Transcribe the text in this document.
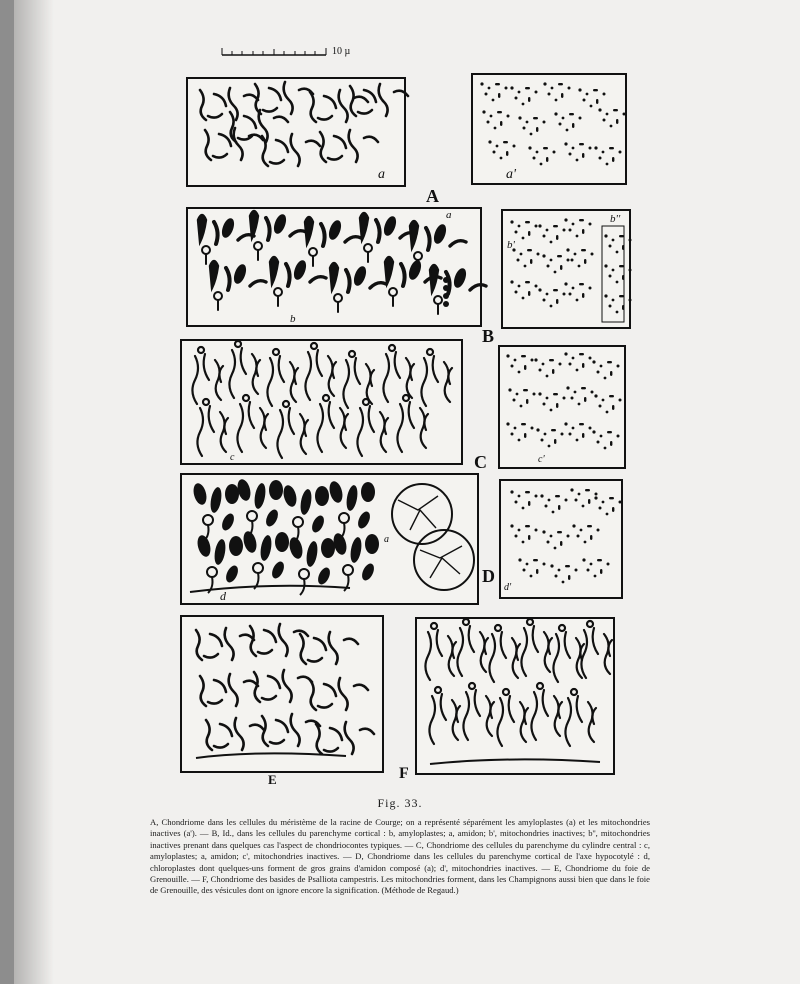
10 µ
a	a'
A
a
b
b'
b''
B
c	c'
C
a
d
d'
D
E	F
Fig. 33.

A, Chondriome dans les cellules du méristème de la racine de Courge; on a représenté séparément les amyloplastes (a) et les mitochondries inactives (a'). — B, Id., dans les cellules du parenchyme cortical : b, amyloplastes; a, amidon; b', mitochondries inactives; b'', mitochondries inactives prenant dans quelques cas l'aspect de chondriocontes typiques. — C, Chondriome des cellules du parenchyme du cylindre central : c, amyloplastes; a, amidon; c', mitochondries inactives. — D, Chondriome dans les cellules du parenchyme cortical de l'axe hypocotylé : d, chloroplastes dont quelques-uns forment de gros grains d'amidon composé (a); d', mitochondries inactives. — E, Chondriome du foie de Grenouille. — F, Chondriome des basides de Psalliota campestris. Les mitochondries forment, dans les Champignons aussi bien que dans le foie de Grenouille, des vésicules dont on ignore encore la signification. (Méthode de Regaud.)
